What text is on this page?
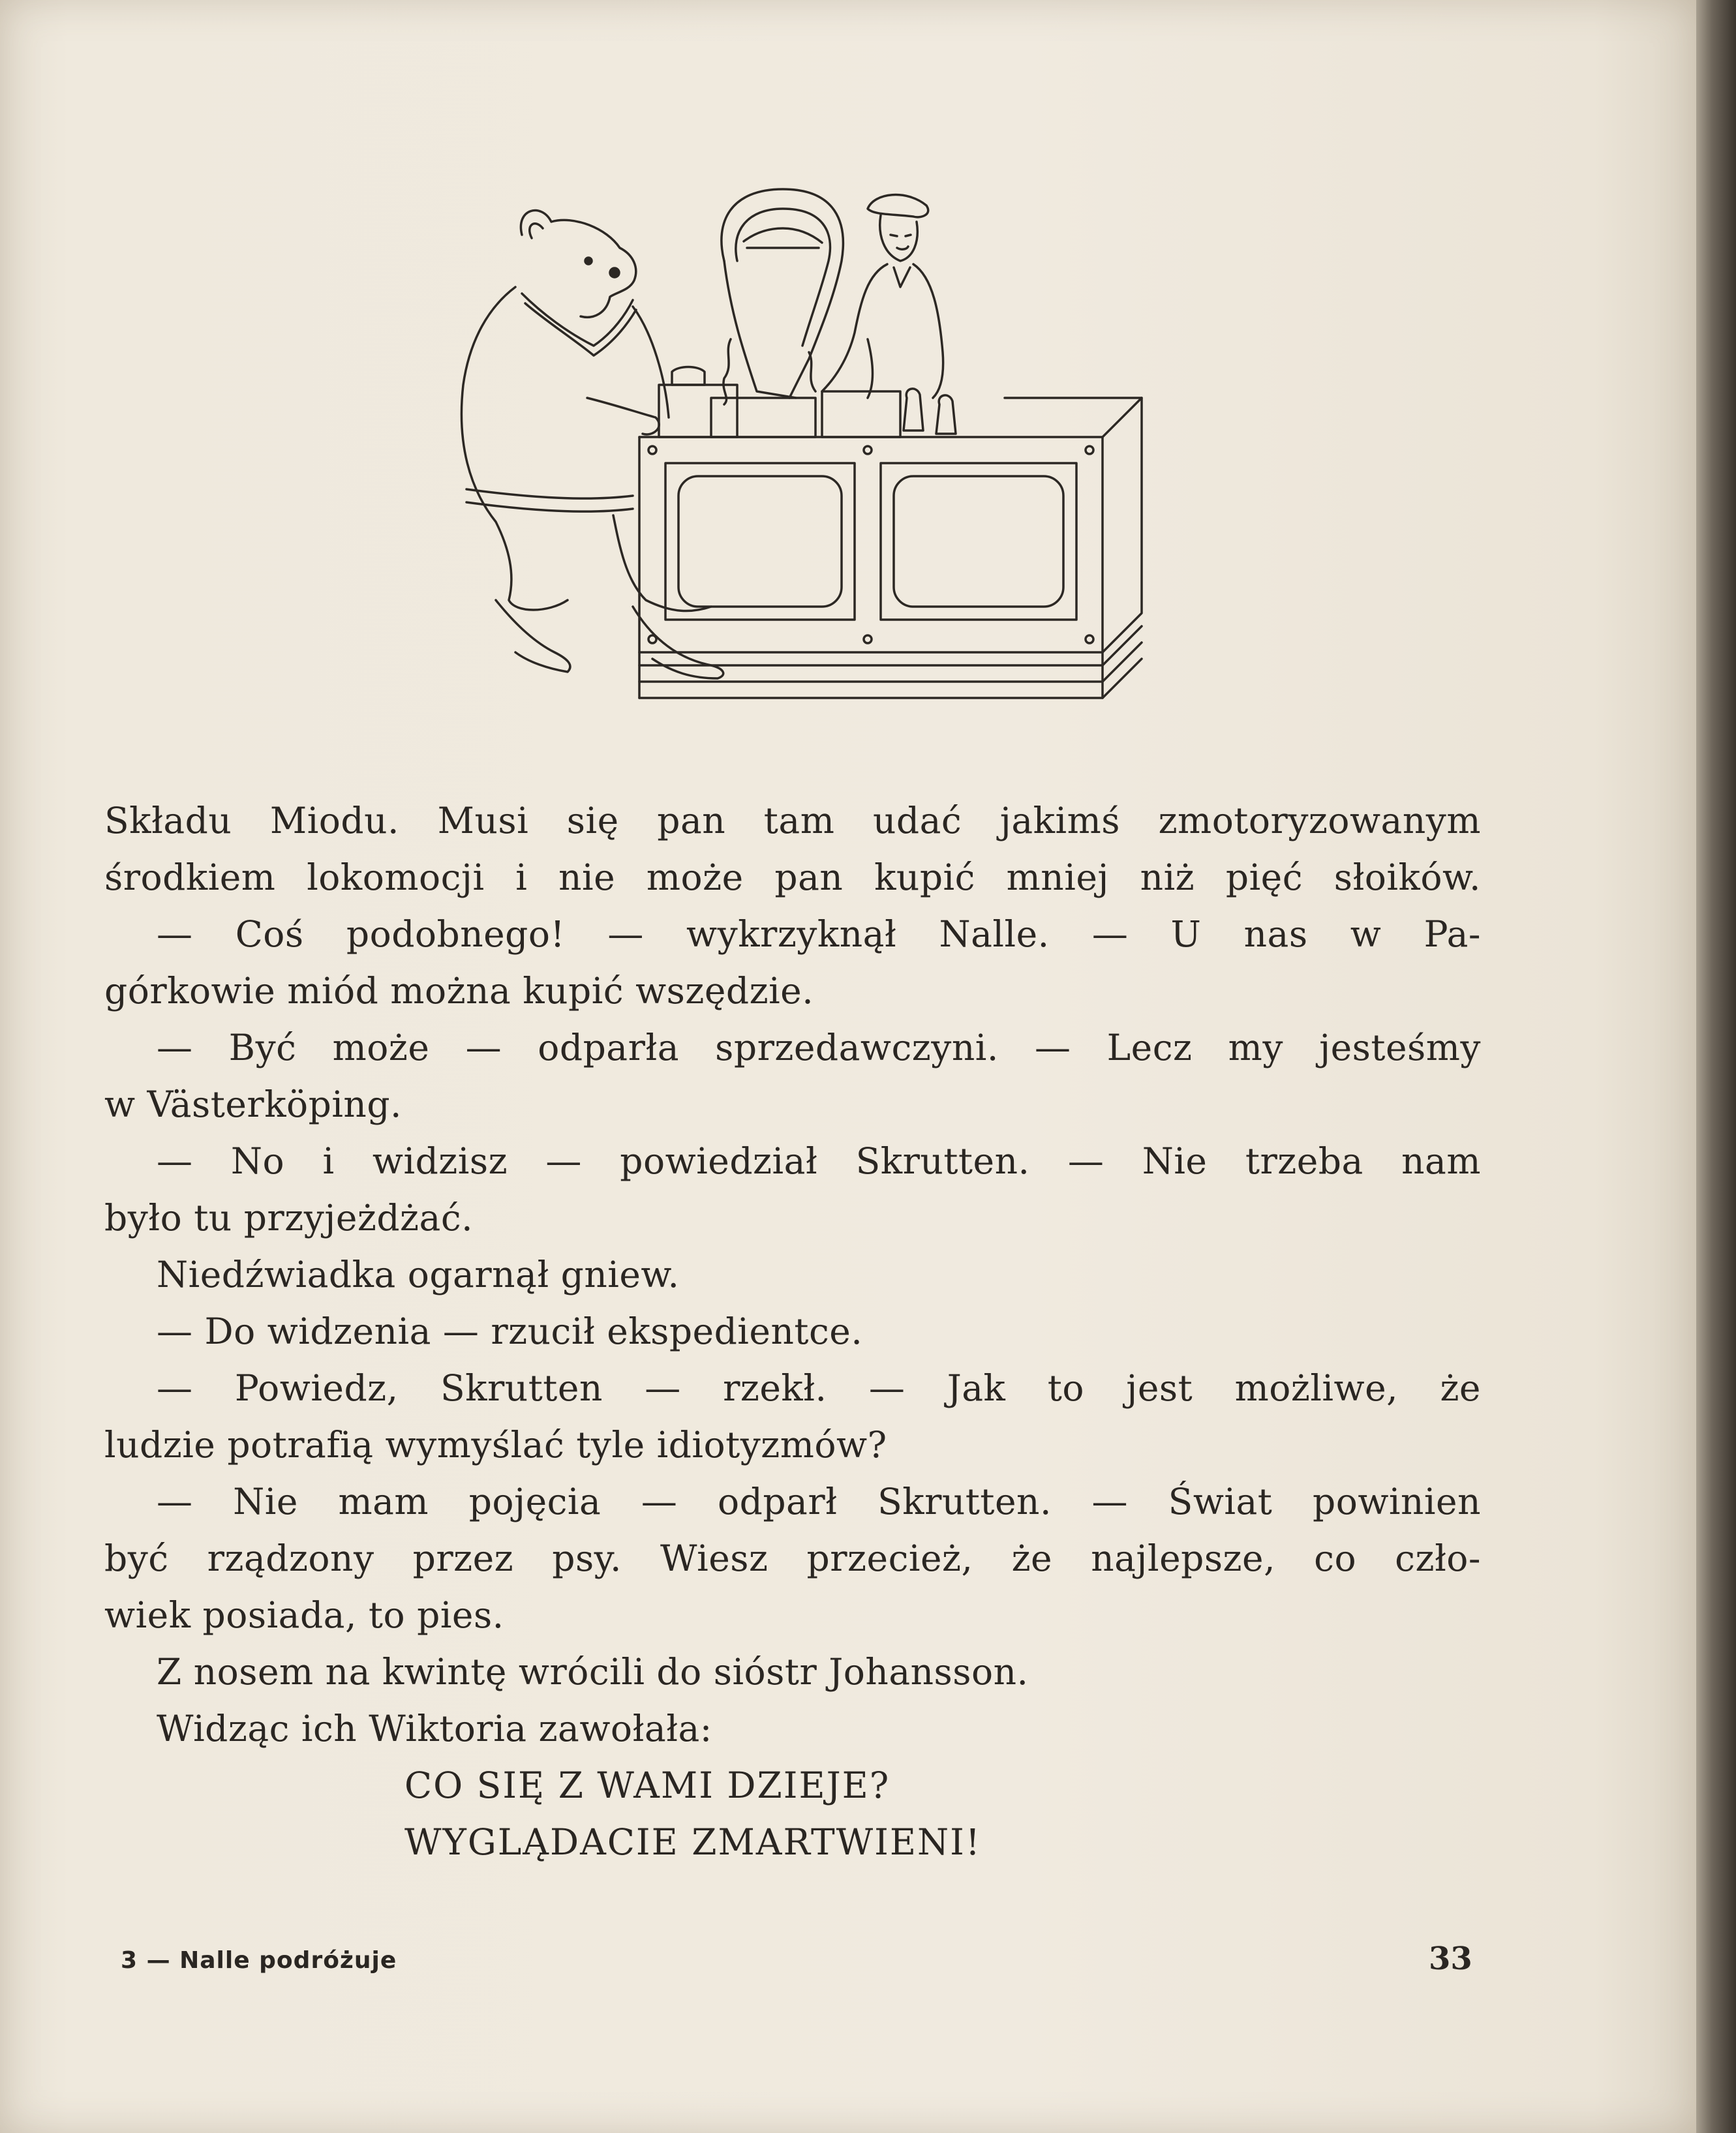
Składu Miodu. Musi się pan tam udać jakimś zmotoryzowanym
środkiem lokomocji i nie może pan kupić mniej niż pięć słoików.
— Coś podobnego! — wykrzyknął Nalle. — U nas w Pa-
górkowie miód można kupić wszędzie.
— Być może — odparła sprzedawczyni. — Lecz my jesteśmy
w Västerköping.
— No i widzisz — powiedział Skrutten. — Nie trzeba nam
było tu przyjeżdżać.
Niedźwiadka ogarnął gniew.
— Do widzenia — rzucił ekspedientce.
— Powiedz, Skrutten — rzekł. — Jak to jest możliwe, że
ludzie potrafią wymyślać tyle idiotyzmów?
— Nie mam pojęcia — odparł Skrutten. — Świat powinien
być rządzony przez psy. Wiesz przecież, że najlepsze, co czło-
wiek posiada, to pies.
Z nosem na kwintę wrócili do sióstr Johansson.
Widząc ich Wiktoria zawołała:
CO SIĘ Z WAMI DZIEJE?
WYGLĄDACIE ZMARTWIENI!
3 — Nalle podróżuje	33
